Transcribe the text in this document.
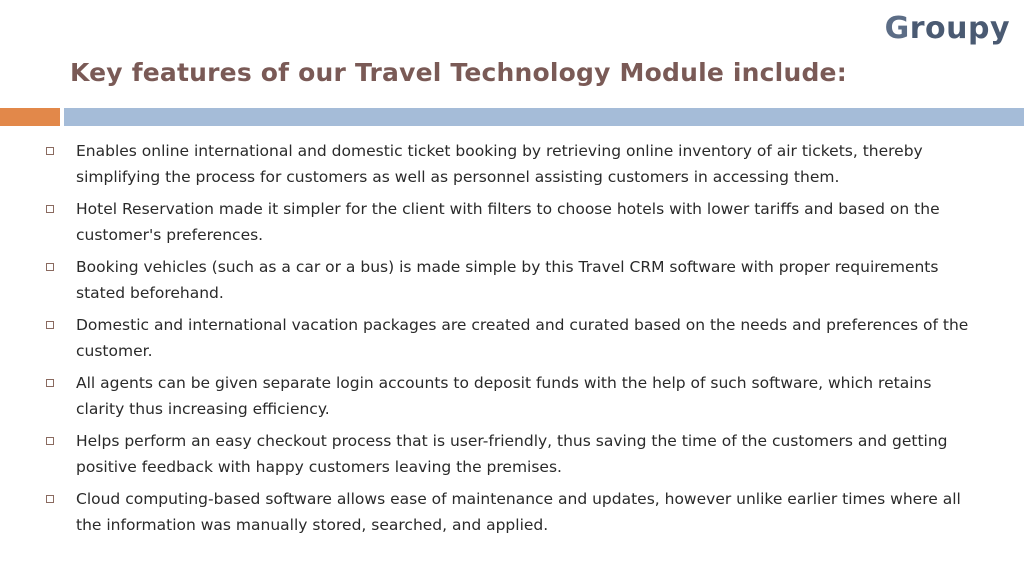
Groupy
Key features of our Travel Technology Module include:
Enables online international and domestic ticket booking by retrieving online inventory of air tickets, thereby simplifying the process for customers as well as personnel assisting customers in accessing them.
Hotel Reservation made it simpler for the client with filters to choose hotels with lower tariffs and based on the customer's preferences.
Booking vehicles (such as a car or a bus) is made simple by this Travel CRM software with proper requirements stated beforehand.
Domestic and international vacation packages are created and curated based on the needs and preferences of the customer.
All agents can be given separate login accounts to deposit funds with the help of such software, which retains clarity thus increasing efficiency.
Helps perform an easy checkout process that is user-friendly, thus saving the time of the customers and getting positive feedback with happy customers leaving the premises.
Cloud computing-based software allows ease of maintenance and updates, however unlike earlier times where all the information was manually stored, searched, and applied.
